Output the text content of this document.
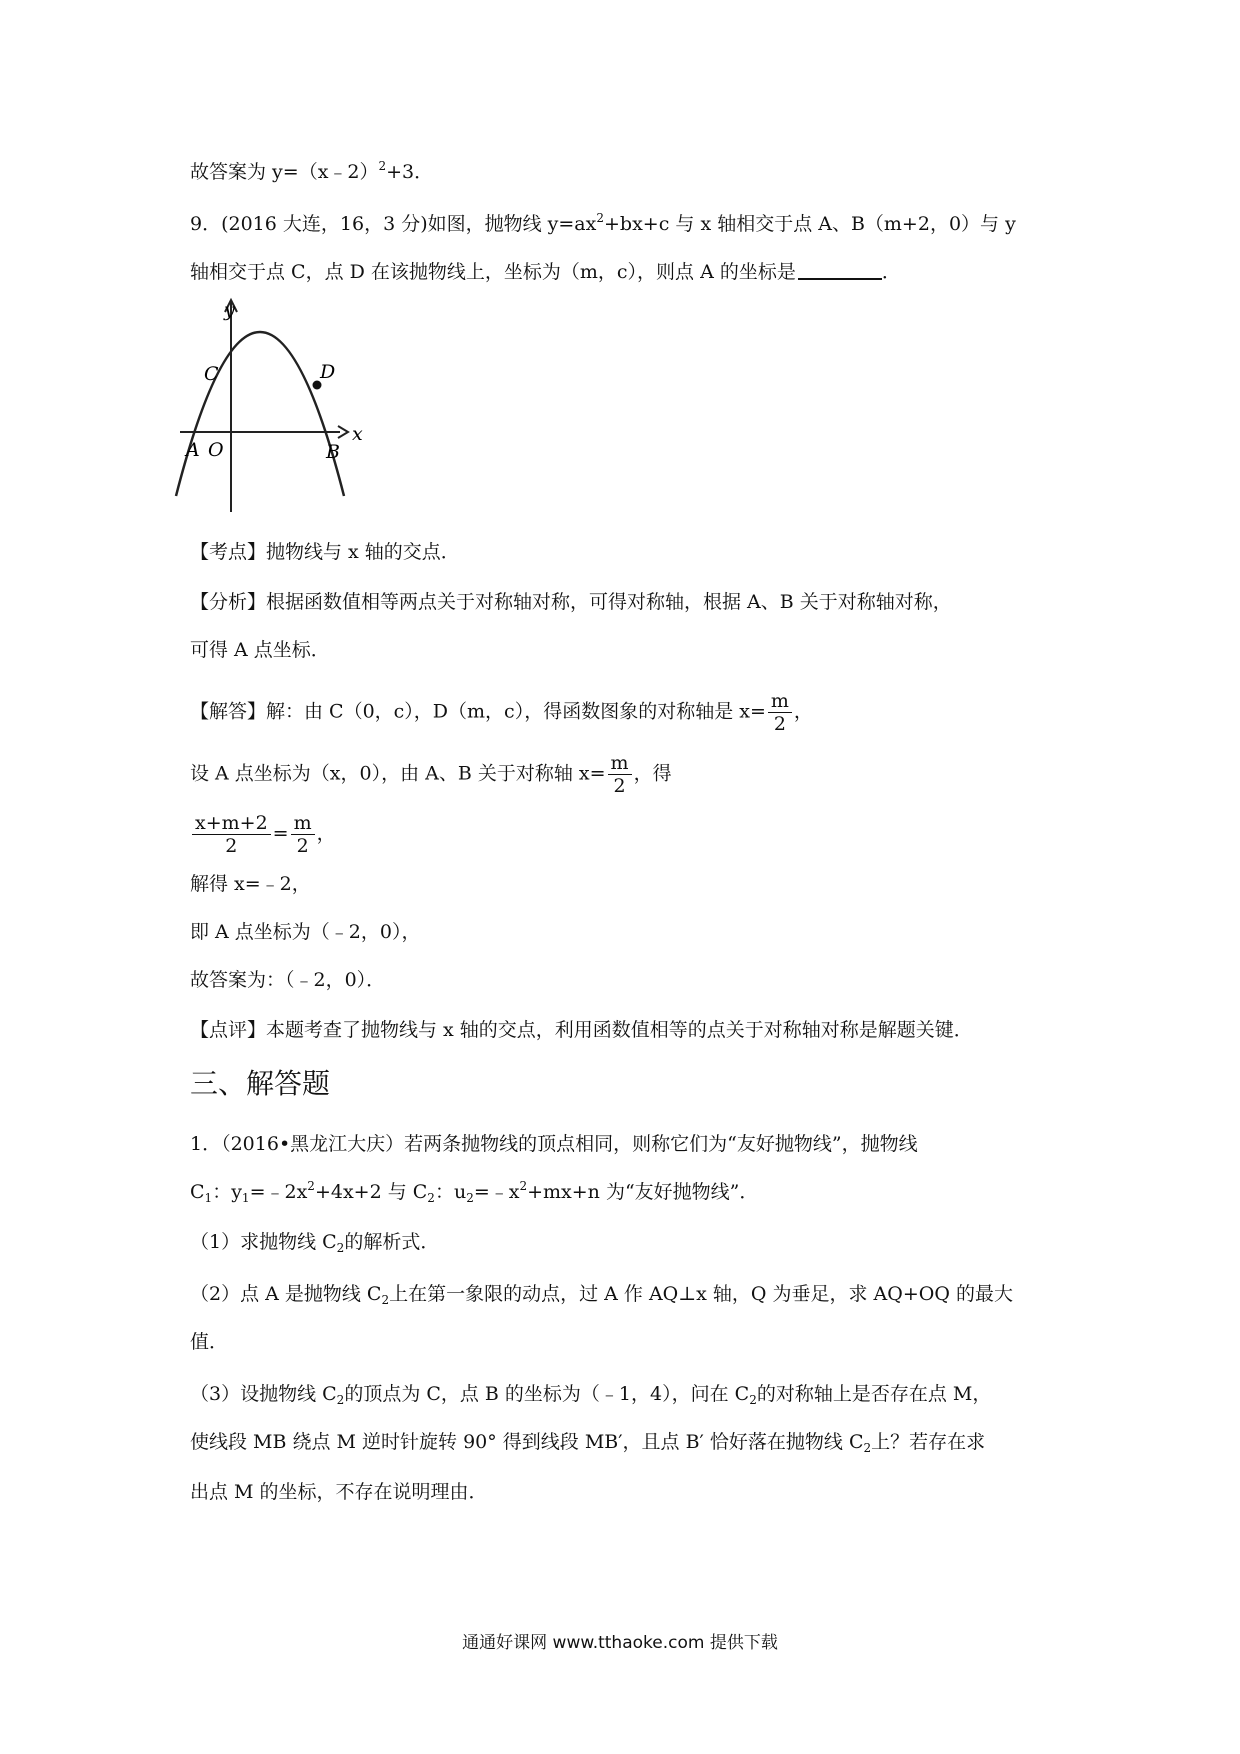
故答案为 y=（x﹣2）$^2$+3．
9．(2016 大连，16，3 分)如图，抛物线 $y=ax^2+bx+c$ 与 x 轴相交于点 A、B（m+2，0）与 y
轴相交于点 C，点 D 在该抛物线上，坐标为（m，c），则点 A 的坐标是	．
y
x
C	D
A O	B
【考点】抛物线与 x 轴的交点．
【分析】根据函数值相等两点关于对称轴对称，可得对称轴，根据 A、B 关于对称轴对称，
可得 A 点坐标．
【解答】解：由 C（0，c），D（m，c），得函数图象的对称轴是 $x= \frac{m}{2}$ ，
设 A 点坐标为（x，0），由 A、B 关于对称轴 $x= \frac{m}{2}$ ，得
$\frac{x+m+2}{2} = \frac{m}{2}$ ，
解得 x=﹣2，
即 A 点坐标为（﹣2，0），
故答案为：（﹣2，0）．
【点评】本题考查了抛物线与 x 轴的交点，利用函数值相等的点关于对称轴对称是解题关键．
三、解答题
1．（2016•黑龙江大庆）若两条抛物线的顶点相同，则称它们为“友好抛物线”，抛物线
$C_1$：$y_1=﹣2x^2+4x+2$ 与 $C_2$：$u_2=﹣x^2+mx+n$ 为“友好抛物线”．
（1）求抛物线 $C_2$的解析式．
（2）点 A 是抛物线 $C_2$上在第一象限的动点，过 A 作 AQ⊥x 轴，Q 为垂足，求 AQ+OQ 的最大
值．
（3）设抛物线 $C_2$的顶点为 C，点 B 的坐标为（﹣1，4），问在 $C_2$的对称轴上是否存在点 M，
使线段 MB 绕点 M 逆时针旋转 90° 得到线段 MB′，且点 B′ 恰好落在抛物线 $C_2$上？若存在求
出点 M 的坐标，不存在说明理由．
通通好课网 www.tthaoke.com 提供下载
